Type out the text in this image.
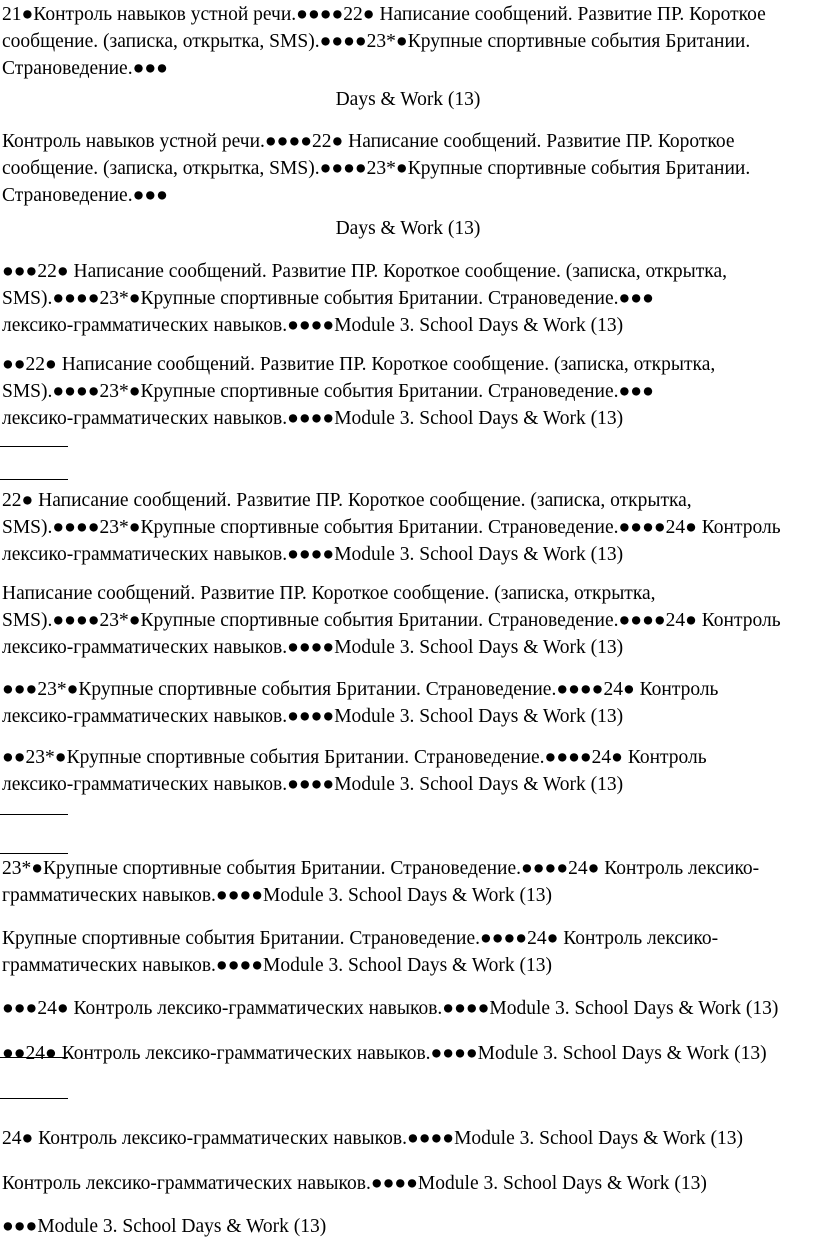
21●Контроль навыков устной речи.●●●●22● Написание сообщений. Развитие ПР. Короткое
сообщение. (записка, открытка, SMS).●●●●23*●Крупные спортивные события Британии.
Страноведение.●●●
Days & Work (13)
Контроль навыков устной речи.●●●●22● Написание сообщений. Развитие ПР. Короткое
сообщение. (записка, открытка, SMS).●●●●23*●Крупные спортивные события Британии.
Страноведение.●●●
Days & Work (13)
●●●22● Написание сообщений. Развитие ПР. Короткое сообщение. (записка, открытка,
SMS).●●●●23*●Крупные спортивные события Британии. Страноведение.●●●
лексико-грамматических навыков.●●●●Module 3. School Days & Work (13)
●●22● Написание сообщений. Развитие ПР. Короткое сообщение. (записка, открытка,
SMS).●●●●23*●Крупные спортивные события Британии. Страноведение.●●●
лексико-грамматических навыков.●●●●Module 3. School Days & Work (13)
22● Написание сообщений. Развитие ПР. Короткое сообщение. (записка, открытка,
SMS).●●●●23*●Крупные спортивные события Британии. Страноведение.●●●●24● Контроль
лексико-грамматических навыков.●●●●Module 3. School Days & Work (13)
Написание сообщений. Развитие ПР. Короткое сообщение. (записка, открытка,
SMS).●●●●23*●Крупные спортивные события Британии. Страноведение.●●●●24● Контроль
лексико-грамматических навыков.●●●●Module 3. School Days & Work (13)
●●●23*●Крупные спортивные события Британии. Страноведение.●●●●24● Контроль
лексико-грамматических навыков.●●●●Module 3. School Days & Work (13)
●●23*●Крупные спортивные события Британии. Страноведение.●●●●24● Контроль
лексико-грамматических навыков.●●●●Module 3. School Days & Work (13)
23*●Крупные спортивные события Британии. Страноведение.●●●●24● Контроль лексико-
грамматических навыков.●●●●Module 3. School Days & Work (13)
Крупные спортивные события Британии. Страноведение.●●●●24● Контроль лексико-
грамматических навыков.●●●●Module 3. School Days & Work (13)
●●●24● Контроль лексико-грамматических навыков.●●●●Module 3. School Days & Work (13)
●●24● Контроль лексико-грамматических навыков.●●●●Module 3. School Days & Work (13)
24● Контроль лексико-грамматических навыков.●●●●Module 3. School Days & Work (13)
Контроль лексико-грамматических навыков.●●●●Module 3. School Days & Work (13)
●●●Module 3. School Days & Work (13)
